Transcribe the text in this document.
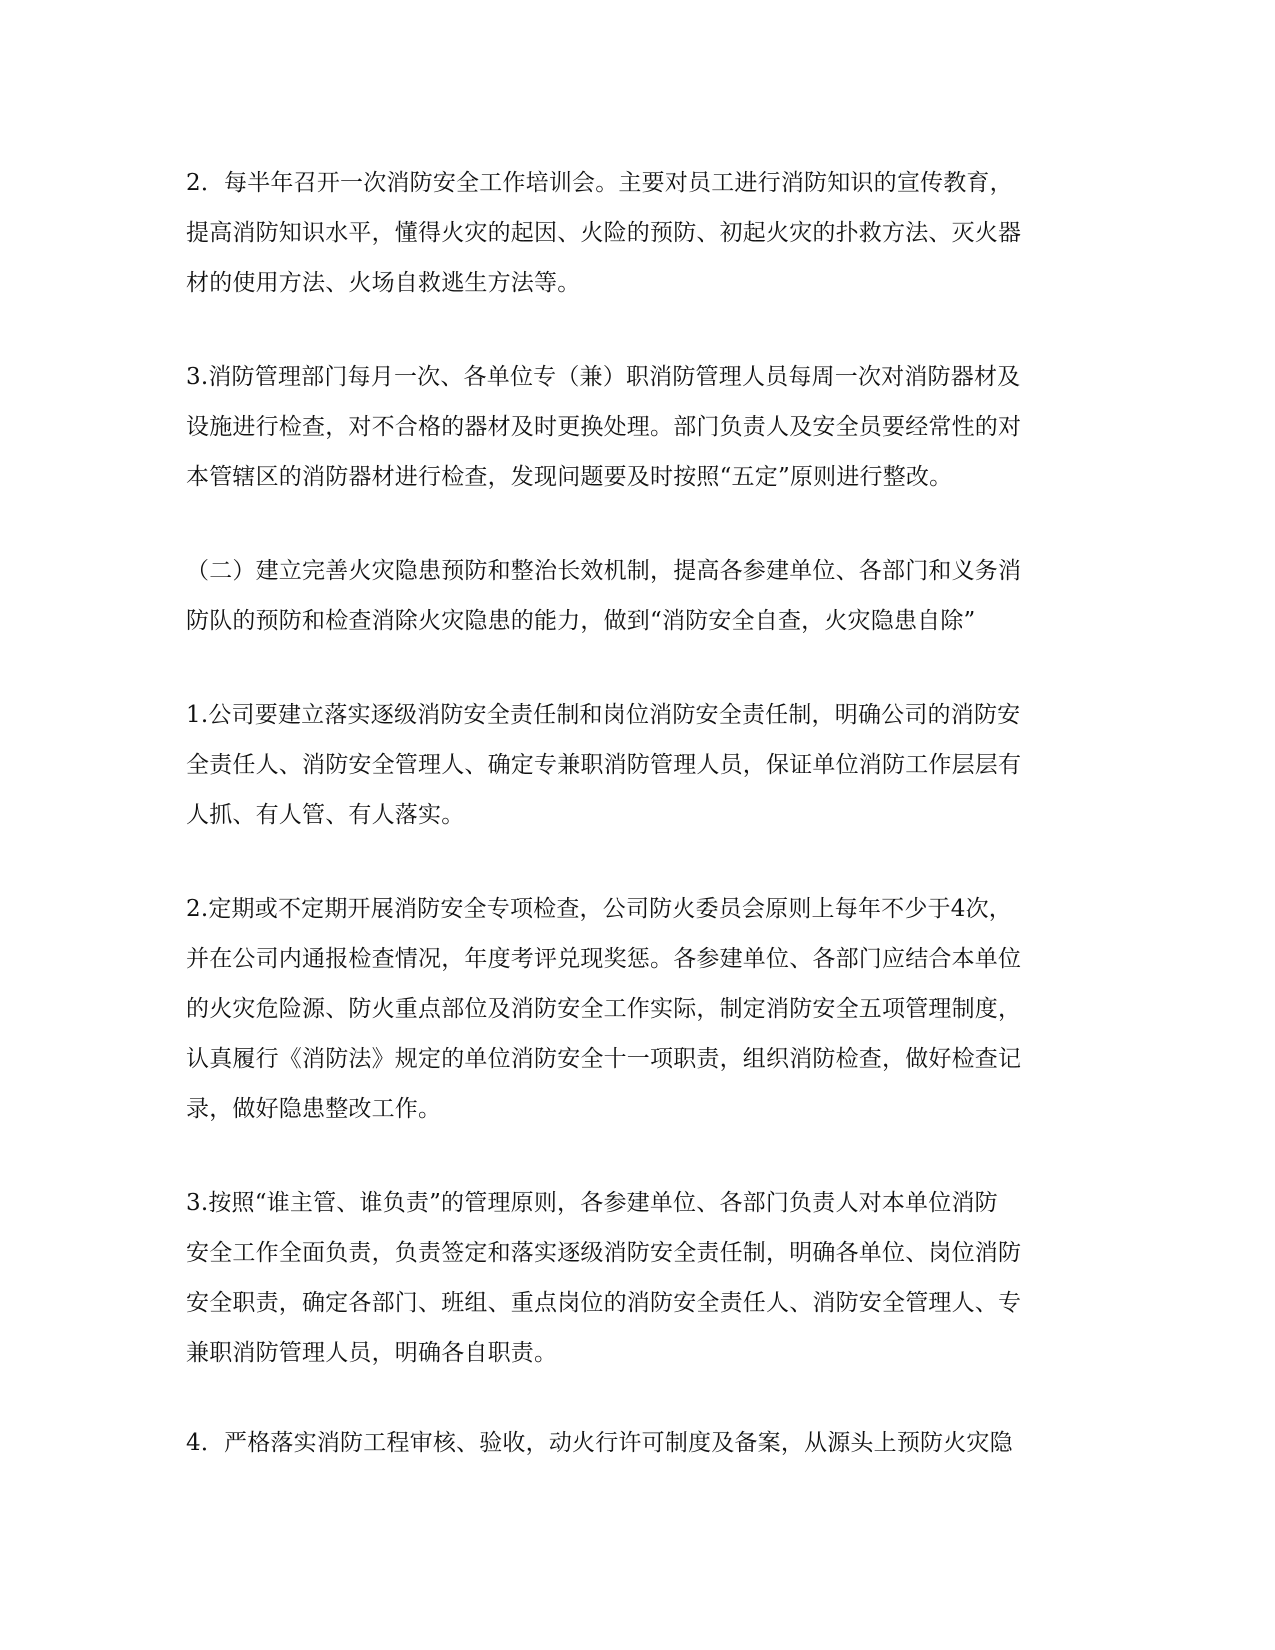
2．每半年召开一次消防安全工作培训会。主要对员工进行消防知识的宣传教育，
提高消防知识水平，懂得火灾的起因、火险的预防、初起火灾的扑救方法、灭火器
材的使用方法、火场自救逃生方法等。
3.消防管理部门每月一次、各单位专（兼）职消防管理人员每周一次对消防器材及
设施进行检查，对不合格的器材及时更换处理。部门负责人及安全员要经常性的对
本管辖区的消防器材进行检查，发现问题要及时按照“五定”原则进行整改。
（二）建立完善火灾隐患预防和整治长效机制，提高各参建单位、各部门和义务消
防队的预防和检查消除火灾隐患的能力，做到“消防安全自查，火灾隐患自除”
1.公司要建立落实逐级消防安全责任制和岗位消防安全责任制，明确公司的消防安
全责任人、消防安全管理人、确定专兼职消防管理人员，保证单位消防工作层层有
人抓、有人管、有人落实。
2.定期或不定期开展消防安全专项检查，公司防火委员会原则上每年不少于4次，
并在公司内通报检查情况，年度考评兑现奖惩。各参建单位、各部门应结合本单位
的火灾危险源、防火重点部位及消防安全工作实际，制定消防安全五项管理制度，
认真履行《消防法》规定的单位消防安全十一项职责，组织消防检查，做好检查记
录，做好隐患整改工作。
3.按照“谁主管、谁负责”的管理原则，各参建单位、各部门负责人对本单位消防
安全工作全面负责，负责签定和落实逐级消防安全责任制，明确各单位、岗位消防
安全职责，确定各部门、班组、重点岗位的消防安全责任人、消防安全管理人、专
兼职消防管理人员，明确各自职责。
4．严格落实消防工程审核、验收，动火行许可制度及备案，从源头上预防火灾隐
